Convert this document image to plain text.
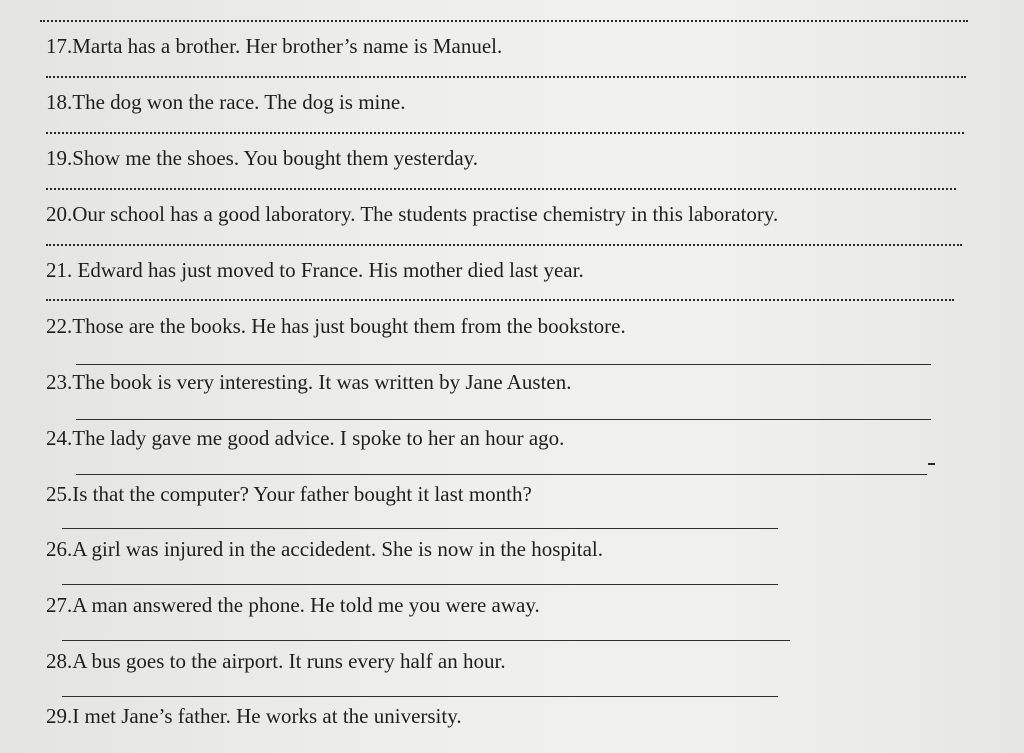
17.Marta has a brother. Her brother’s name is Manuel.
18.The dog won the race. The dog is mine.
19.Show me the shoes. You bought them yesterday.
20.Our school has a good laboratory. The students practise chemistry in this laboratory.
21. Edward has just moved to France. His mother died last year.
22.Those are the books. He has just bought them from the bookstore.
23.The book is very interesting. It was written by Jane Austen.
24.The lady gave me good advice. I spoke to her an hour ago.
25.Is that the computer? Your father bought it last month?
26.A girl was injured in the accidedent. She is now in the hospital.
27.A man answered the phone. He told me you were away.
28.A bus goes to the airport. It runs every half an hour.
29.I met Jane’s father. He works at the university.
